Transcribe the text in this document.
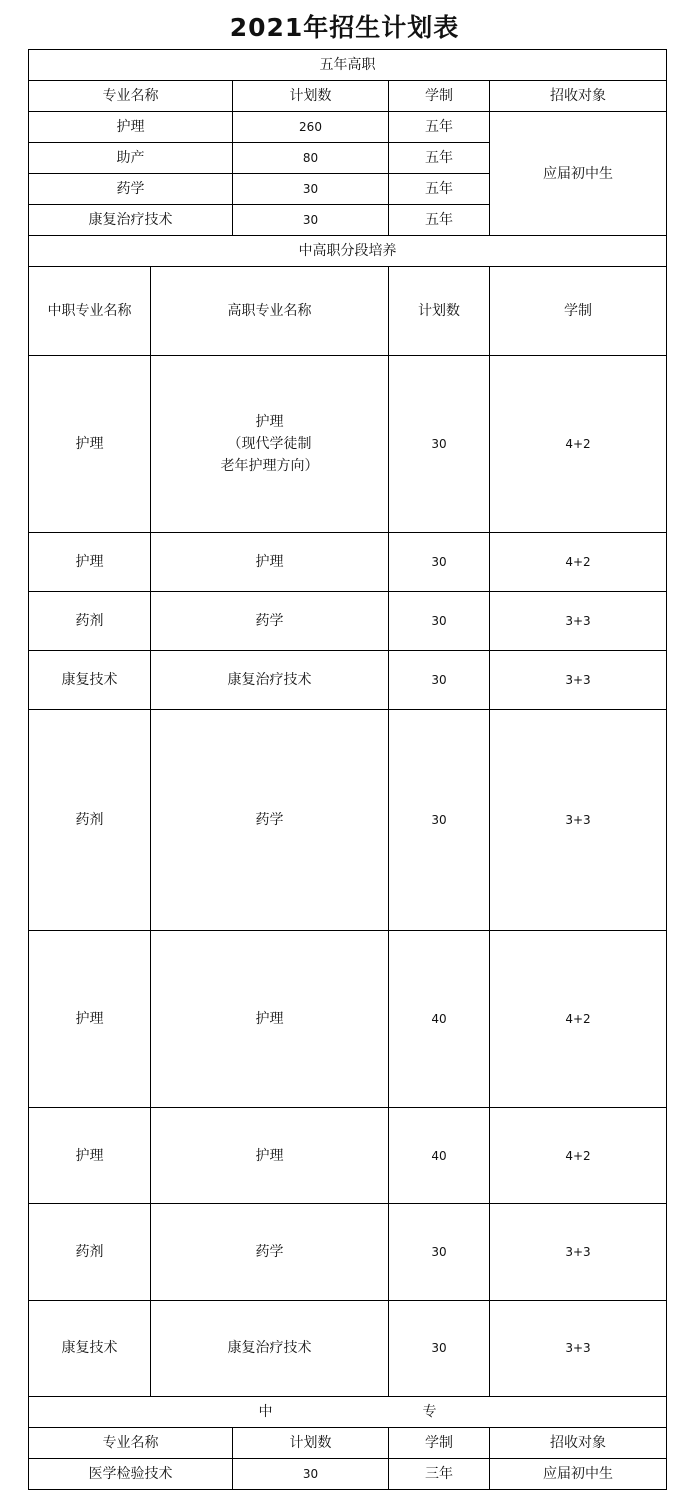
2021年招生计划表
五年高职					
专业名称		计划数	学制	招收对象	
护理		260	五年	应届初中生	
助产		80	五年		
药学		30	五年		
康复治疗技术		30	五年		
中高职分段培养					
中职专业名称	高职专业名称		计划数	学制	
护理	护理
（现代学徒制
老年护理方向）		30	4+2	
护理	护理		30	4+2	
药剂	药学		30	3+3	
康复技术	康复治疗技术		30	3+3	
药剂	药学		30	3+3	
护理	护理		40	4+2	
护理	护理		40	4+2	
药剂	药学		30	3+3	
康复技术	康复治疗技术		30	3+3	
中 专					
专业名称		计划数	学制	招收对象	
医学检验技术		30	三年	应届初中生	
